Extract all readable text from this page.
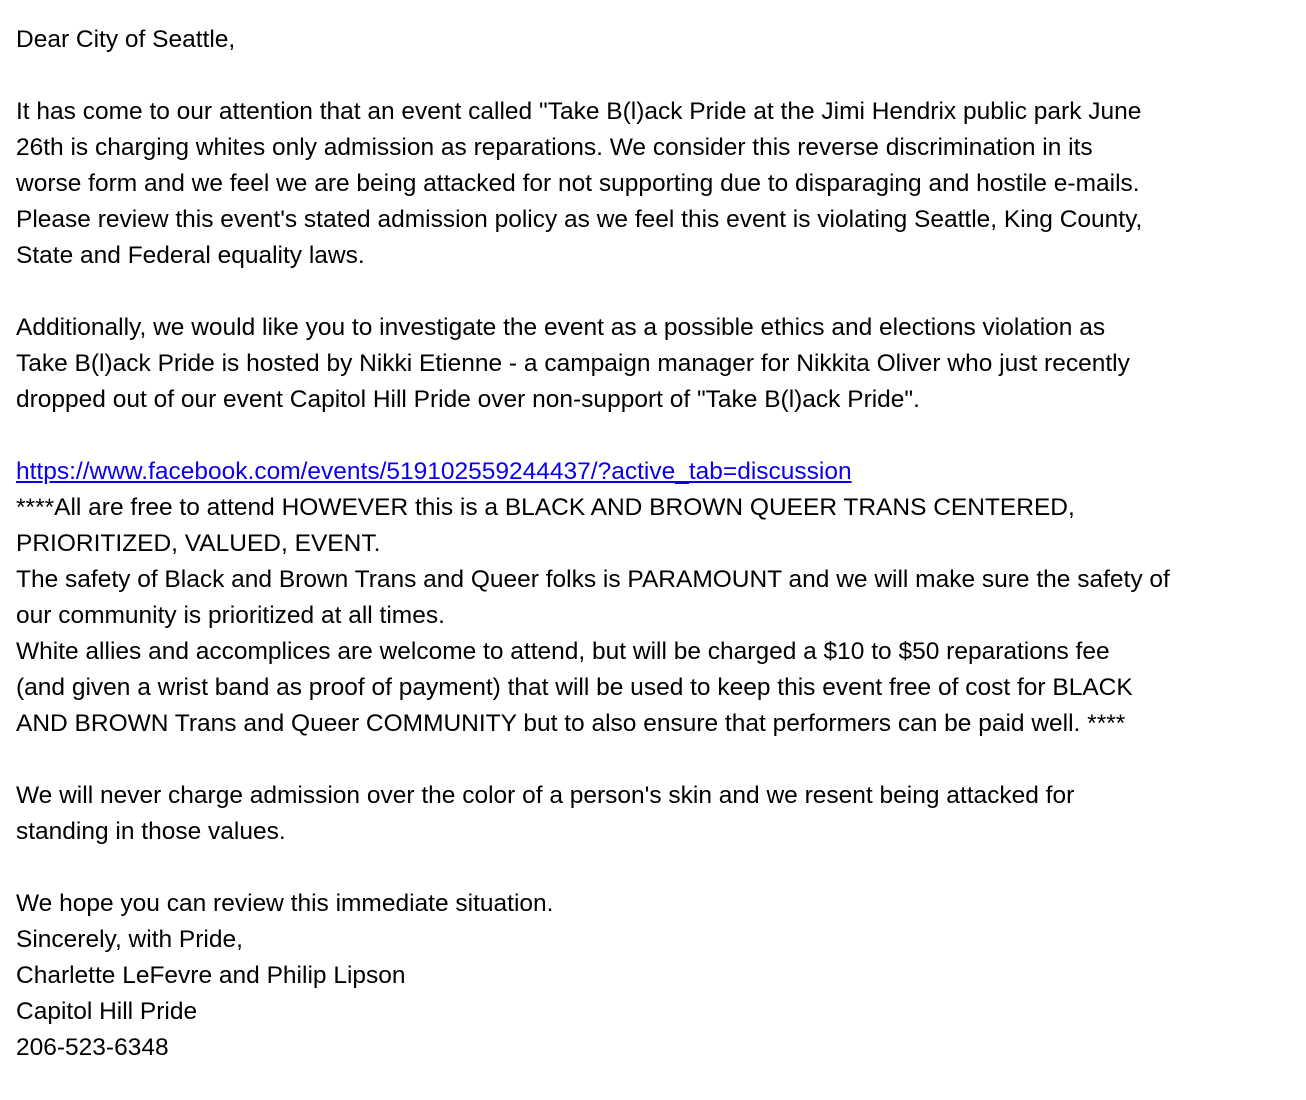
Dear City of Seattle,
It has come to our attention that an event called "Take B(l)ack Pride at the Jimi Hendrix public park June
26th is charging whites only admission as reparations. We consider this reverse discrimination in its
worse form and we feel we are being attacked for not supporting due to disparaging and hostile e-mails.
Please review this event's stated admission policy as we feel this event is violating Seattle, King County,
State and Federal equality laws.
Additionally, we would like you to investigate the event as a possible ethics and elections violation as
Take B(l)ack Pride is hosted by Nikki Etienne - a campaign manager for Nikkita Oliver who just recently
dropped out of our event Capitol Hill Pride over non-support of "Take B(l)ack Pride".
https://www.facebook.com/events/519102559244437/?active_tab=discussion
****All are free to attend HOWEVER this is a BLACK AND BROWN QUEER TRANS CENTERED,
PRIORITIZED, VALUED, EVENT.
The safety of Black and Brown Trans and Queer folks is PARAMOUNT and we will make sure the safety of
our community is prioritized at all times.
White allies and accomplices are welcome to attend, but will be charged a $10 to $50 reparations fee
(and given a wrist band as proof of payment) that will be used to keep this event free of cost for BLACK
AND BROWN Trans and Queer COMMUNITY but to also ensure that performers can be paid well. ****
We will never charge admission over the color of a person's skin and we resent being attacked for
standing in those values.
We hope you can review this immediate situation.
Sincerely, with Pride,
Charlette LeFevre and Philip Lipson
Capitol Hill Pride
206-523-6348
